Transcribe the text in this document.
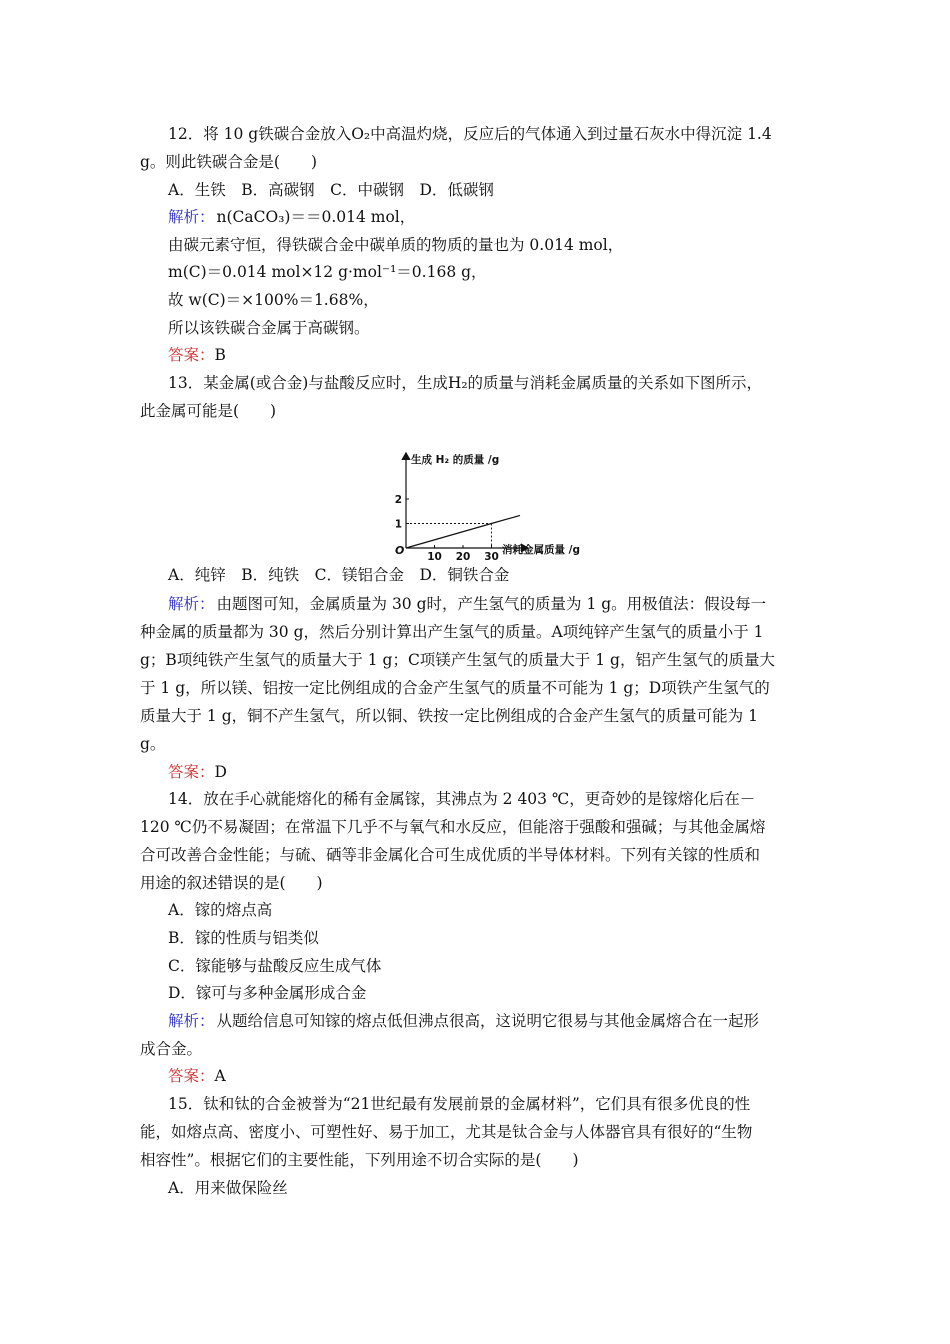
12．将 10 g铁碳合金放入O₂中高温灼烧，反应后的气体通入到过量石灰水中得沉淀 1.4
g。则此铁碳合金是(　　)
A．生铁　B．高碳钢　C．中碳钢　D．低碳钢
解析： n(CaCO₃)＝＝0.014 mol，
由碳元素守恒，得铁碳合金中碳单质的物质的量也为 0.014 mol，
m(C)＝0.014 mol×12 g·mol⁻¹＝0.168 g，
故 w(C)＝×100%＝1.68%，
所以该铁碳合金属于高碳钢。
答案：B
13．某金属(或合金)与盐酸反应时，生成H₂的质量与消耗金属质量的关系如下图所示，
此金属可能是(　　)
生成 H₂ 的质量 /g
消耗金属质量 /g
O 10 20 30
1
2
A．纯锌　B．纯铁　C．镁铝合金　D．铜铁合金
解析： 由题图可知，金属质量为 30 g时，产生氢气的质量为 1 g。用极值法：假设每一
种金属的质量都为 30 g，然后分别计算出产生氢气的质量。A项纯锌产生氢气的质量小于 1
g；B项纯铁产生氢气的质量大于 1 g；C项镁产生氢气的质量大于 1 g，铝产生氢气的质量大
于 1 g，所以镁、铝按一定比例组成的合金产生氢气的质量不可能为 1 g；D项铁产生氢气的
质量大于 1 g，铜不产生氢气，所以铜、铁按一定比例组成的合金产生氢气的质量可能为 1
g。
答案：D
14．放在手心就能熔化的稀有金属镓，其沸点为 2 403 ℃，更奇妙的是镓熔化后在－
120 ℃仍不易凝固；在常温下几乎不与氧气和水反应，但能溶于强酸和强碱；与其他金属熔
合可改善合金性能；与硫、硒等非金属化合可生成优质的半导体材料。下列有关镓的性质和
用途的叙述错误的是(　　)
A．镓的熔点高
B．镓的性质与铝类似
C．镓能够与盐酸反应生成气体
D．镓可与多种金属形成合金
解析： 从题给信息可知镓的熔点低但沸点很高，这说明它很易与其他金属熔合在一起形
成合金。
答案：A
15．钛和钛的合金被誉为“21世纪最有发展前景的金属材料”，它们具有很多优良的性
能，如熔点高、密度小、可塑性好、易于加工，尤其是钛合金与人体器官具有很好的“生物
相容性”。根据它们的主要性能，下列用途不切合实际的是(　　)
A．用来做保险丝
